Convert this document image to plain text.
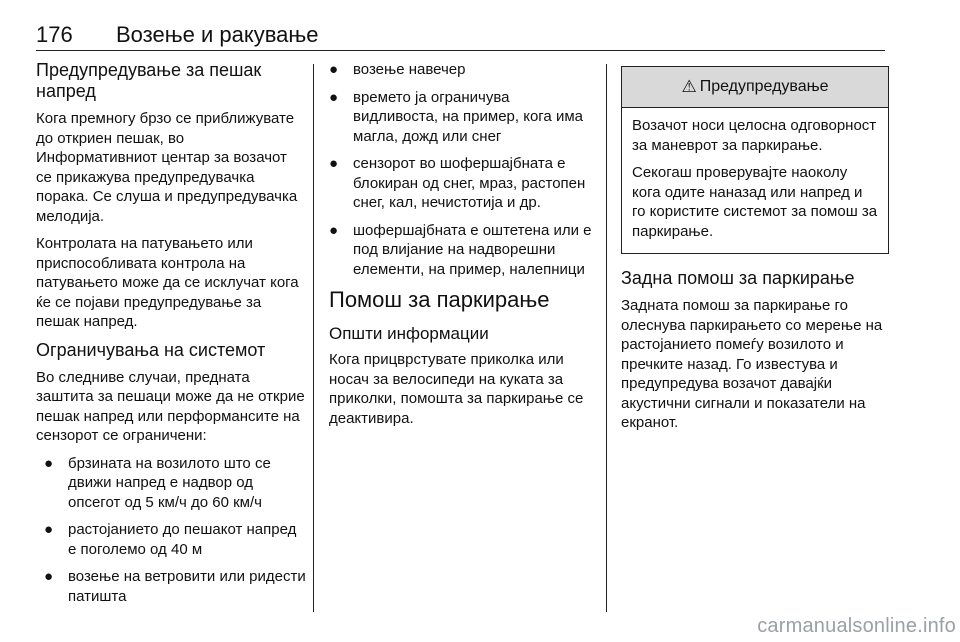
176 Возење и ракување
Предупредување за пешак напред

Кога премногу брзо се приближувате до откриен пешак, во Информативниот центар за возачот се прикажува предупредувачка порака. Се слуша и предупредувачка мелодија.

Контролата на патувањето или приспособливата контрола на патувањето може да се исклучат кога ќе се појави предупредување за пешак напред.

Ограничувања на системот

Во следниве случаи, предната заштита за пешаци може да не открие пешак напред или перформансите на сензорот се ограничени:

● брзината на возилото што се движи напред е надвор од опсегот од 5 км/ч до 60 км/ч
● растојанието до пешакот напред е поголемо од 40 м
● возење на ветровити или ридести патишта
● возење навечер
● времето ја ограничува видливоста, на пример, кога има магла, дожд или снег
● сензорот во шофершајбната е блокиран од снег, мраз, растопен снег, кал, нечистотија и др.
● шофершајбната е оштетена или е под влијание на надворешни елементи, на пример, налепници
Помош за паркирање
Општи информации

Кога прицврстувате приколка или носач за велосипеди на куката за приколки, помошта за паркирање се деактивира.

⚠ Предупредување

Возачот носи целосна одговорност за маневрот за паркирање.

Секогаш проверувајте наоколу кога одите наназад или напред и го користите системот за помош за паркирање.

Задна помош за паркирање

Задната помош за паркирање го олеснува паркирањето со мерење на растојанието помеѓу возилото и пречките назад. Го известува и предупредува возачот давајќи акустични сигнали и показатели на екранот.

carmanualsonline.info
